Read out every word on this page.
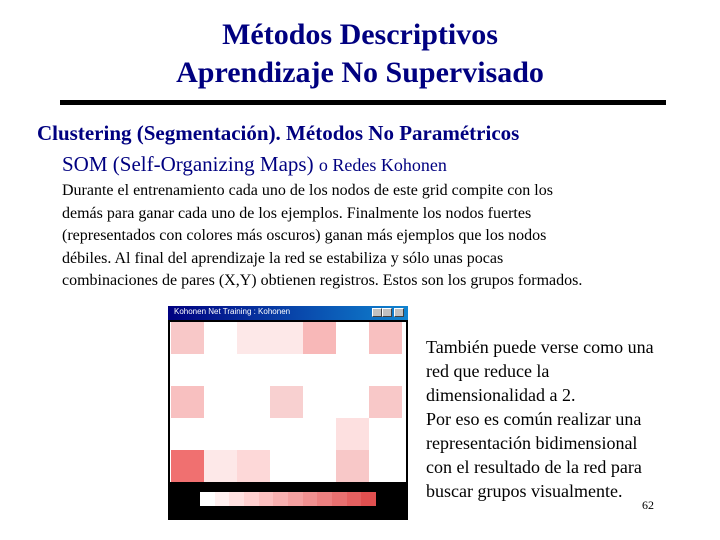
Métodos Descriptivos
Aprendizaje No Supervisado
Clustering (Segmentación). Métodos No Paramétricos
SOM (Self-Organizing Maps) o Redes Kohonen
Durante el entrenamiento cada uno de los nodos de este grid compite con los
demás para ganar cada uno de los ejemplos. Finalmente los nodos fuertes
(representados con colores más oscuros) ganan más ejemplos que los nodos
débiles. Al final del aprendizaje la red se estabiliza y sólo unas pocas
combinaciones de pares (X,Y) obtienen registros. Estos son los grupos formados.
Kohonen Net Training : Kohonen
También puede verse como una
red que reduce la
dimensionalidad a 2.
Por eso es común realizar una
representación bidimensional
con el resultado de la red para
buscar grupos visualmente.
62
